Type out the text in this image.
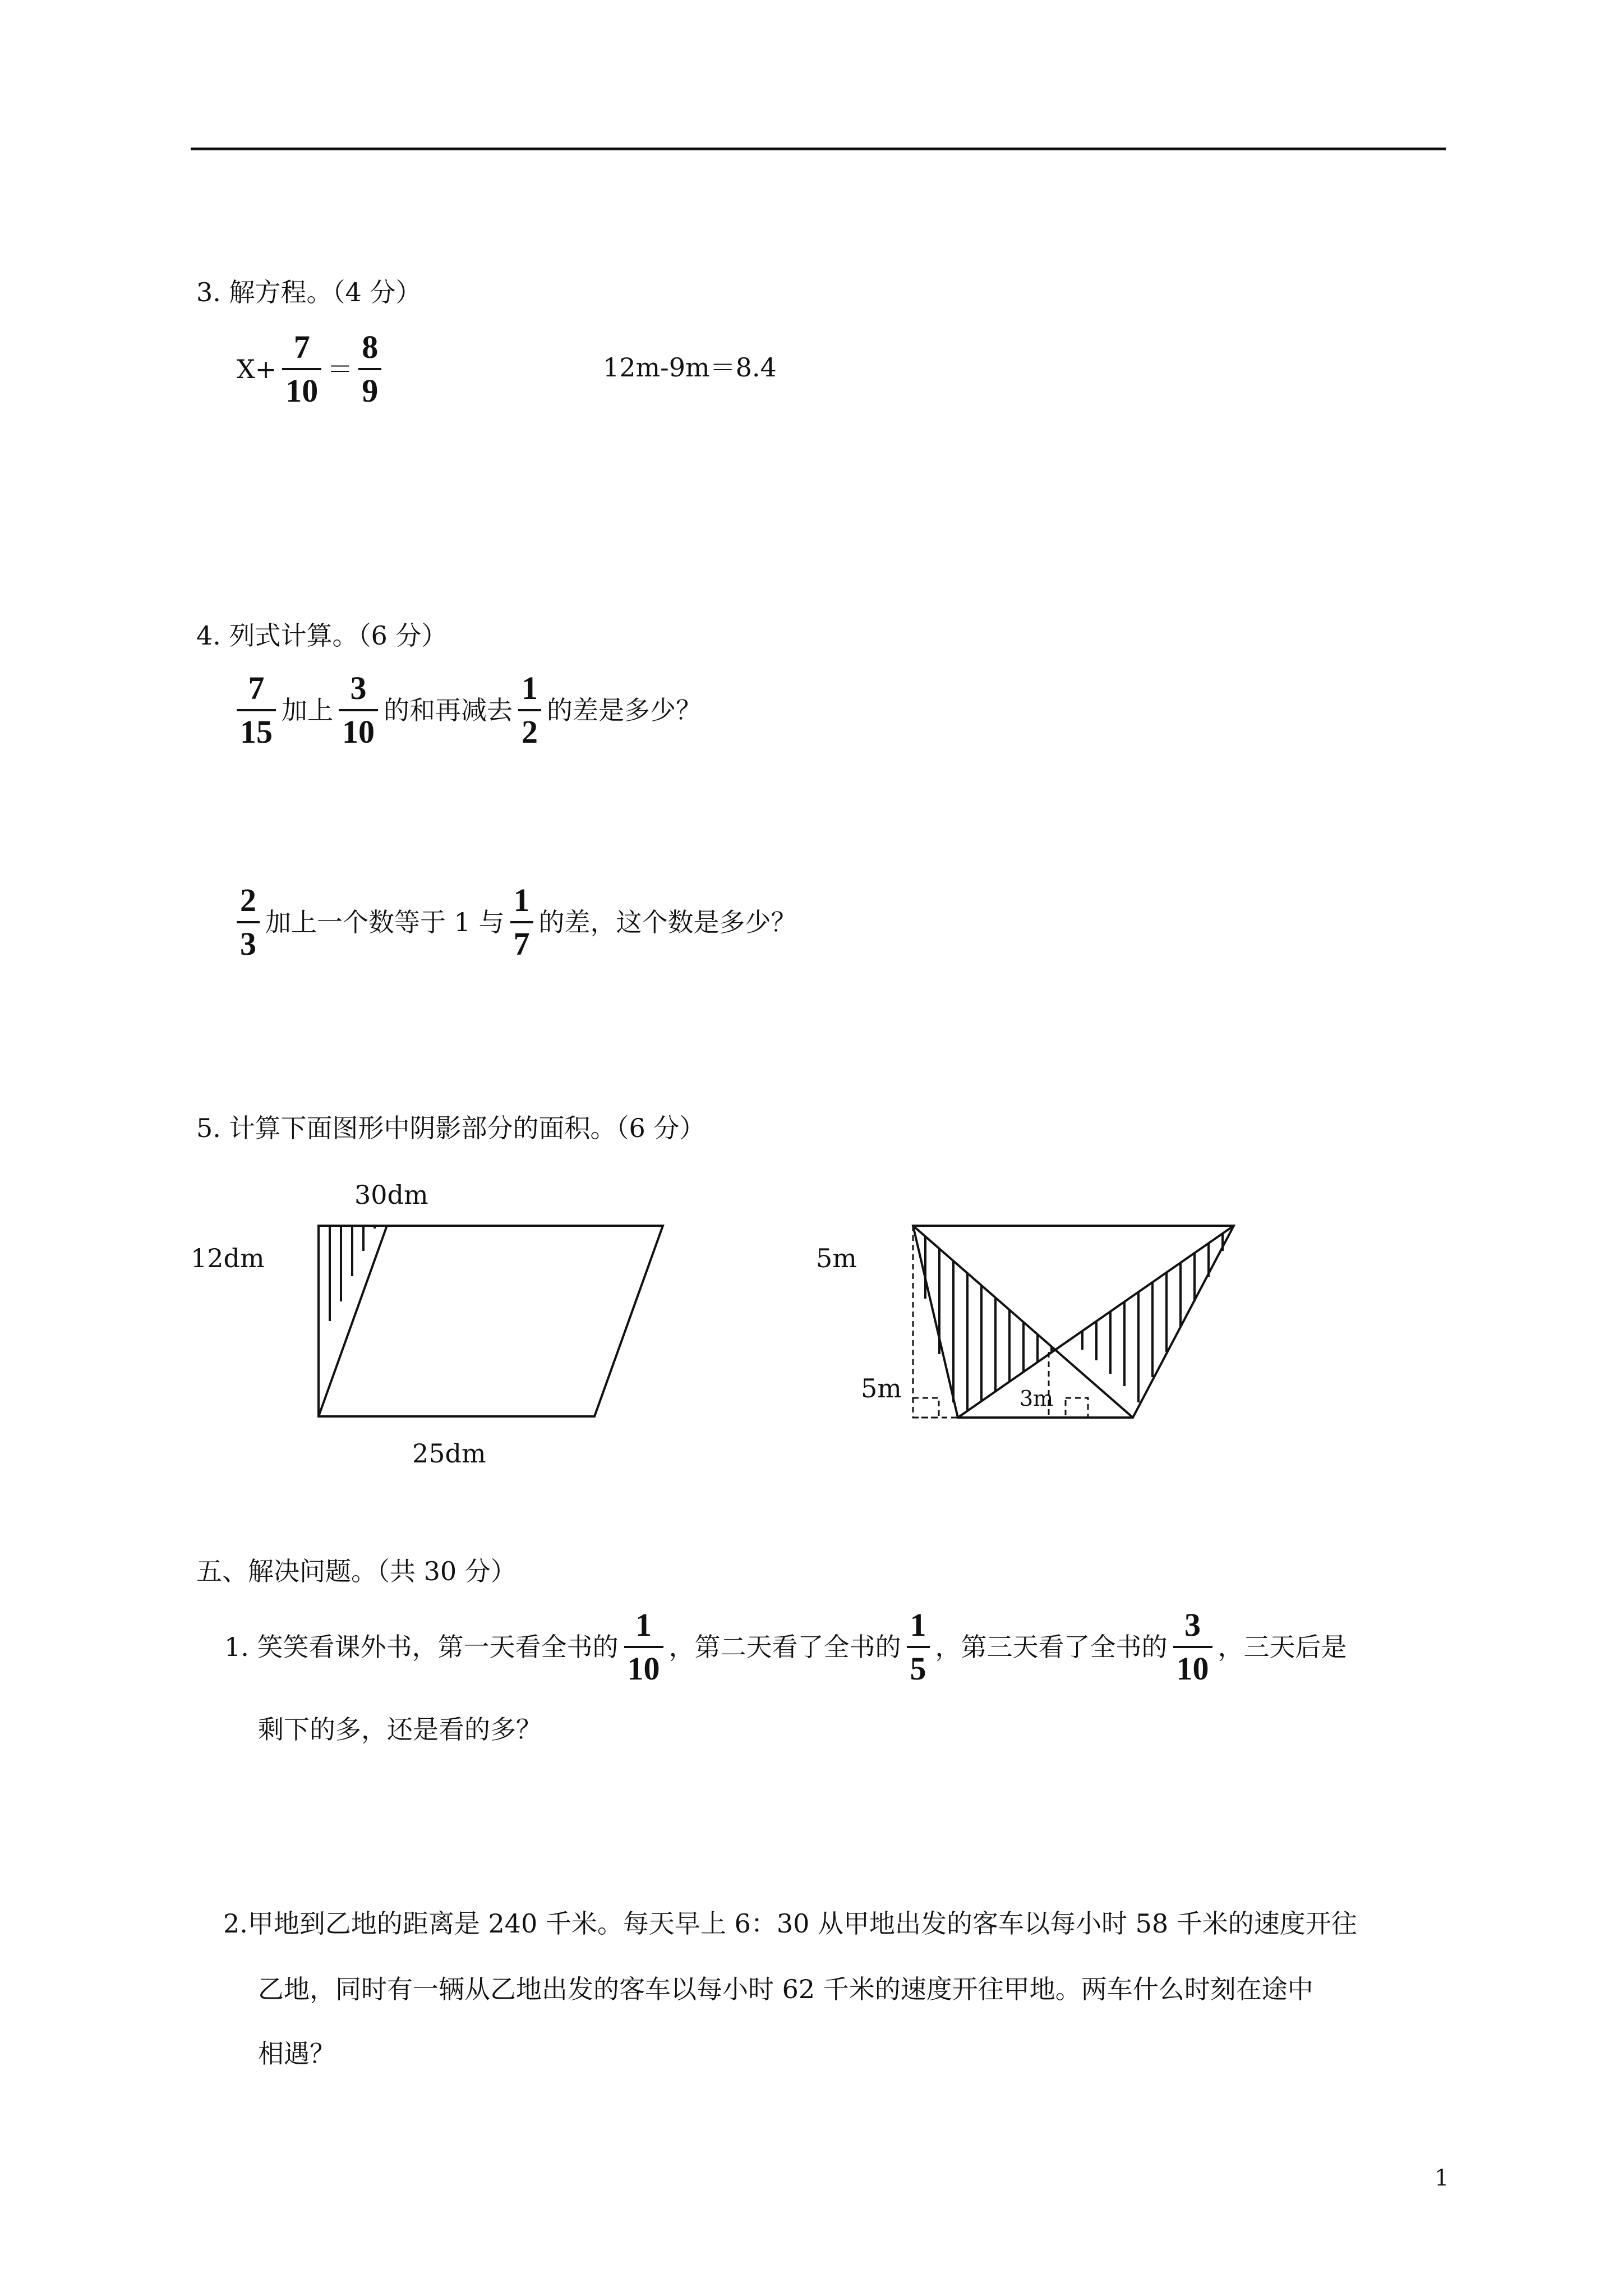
3. 解方程。（4 分）
$X+ \frac{7}{10} = \frac{8}{9}$	12m-9m＝8.4
4. 列式计算。（6 分）
$\frac{7}{15}$ 加上 $\frac{3}{10}$ 的和再减去 $\frac{1}{2}$ 的差是多少？
$\frac{2}{3}$ 加上一个数等于 1 与 $\frac{1}{7}$ 的差，这个数是多少？
5. 计算下面图形中阴影部分的面积。（6 分）
30dm
12dm
25dm
5m
5m	3m
五、解决问题。（共 30 分）
1. 笑笑看课外书，第一天看全书的 $\frac{1}{10}$ ，第二天看了全书的 $\frac{1}{5}$ ，第三天看了全书的 $\frac{3}{10}$ ，三天后是
剩下的多，还是看的多？
2.甲地到乙地的距离是 240 千米。每天早上 6：30 从甲地出发的客车以每小时 58 千米的速度开往
乙地，同时有一辆从乙地出发的客车以每小时 62 千米的速度开往甲地。两车什么时刻在途中
相遇？
1
